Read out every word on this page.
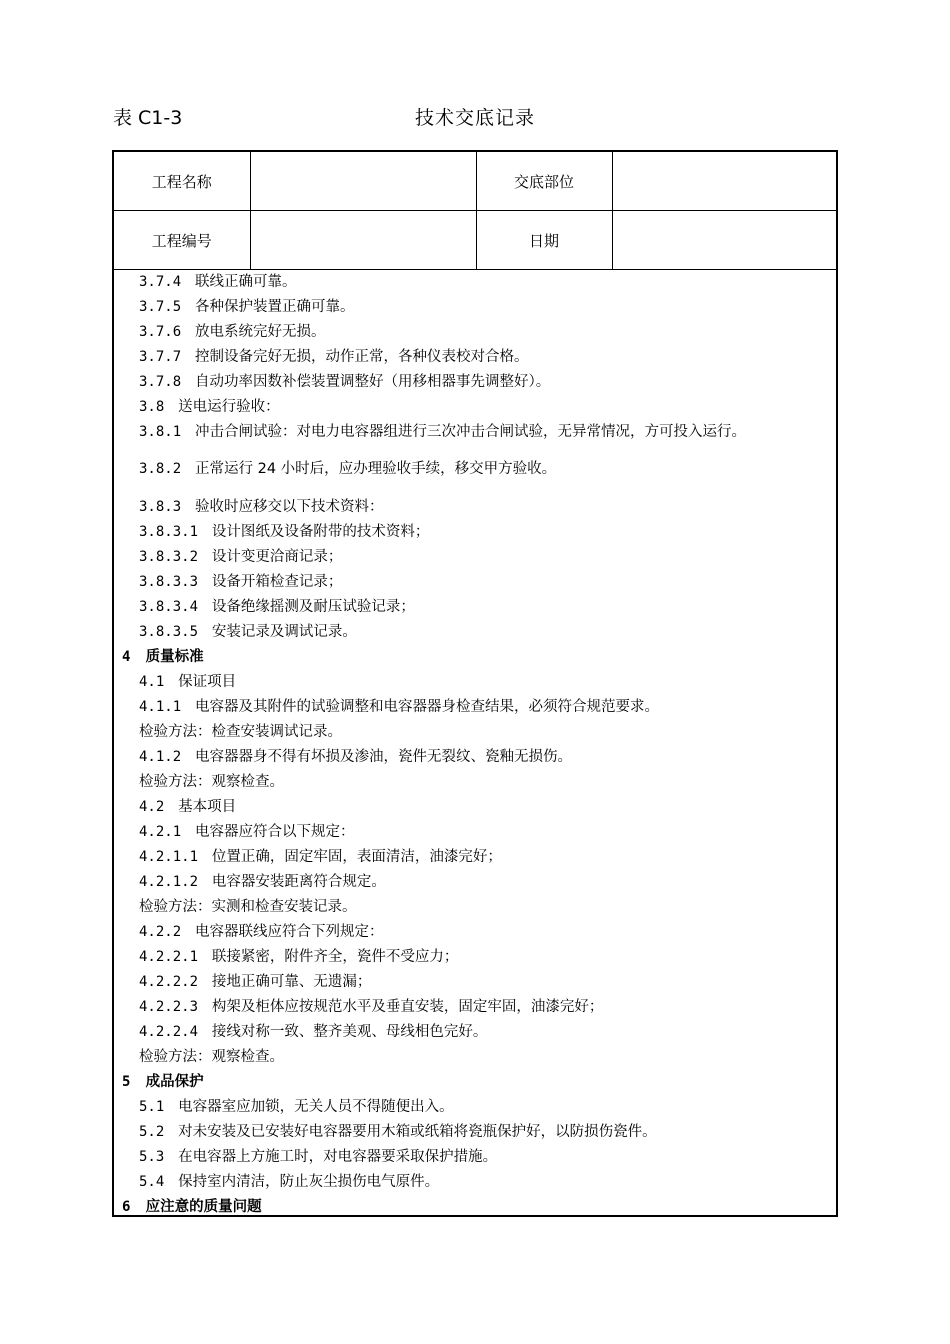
表 C1-3	技术交底记录
工程名称		交底部位	
工程编号		日期	
3.7.4 联线正确可靠。
3.7.5 各种保护装置正确可靠。
3.7.6 放电系统完好无损。
3.7.7 控制设备完好无损，动作正常，各种仪表校对合格。
3.7.8 自动功率因数补偿装置调整好（用移相器事先调整好）。
3.8 送电运行验收：
3.8.1 冲击合闸试验：对电力电容器组进行三次冲击合闸试验，无异常情况，方可投入运行。
3.8.2 正常运行 24 小时后，应办理验收手续，移交甲方验收。
3.8.3 验收时应移交以下技术资料：
3.8.3.1 设计图纸及设备附带的技术资料；
3.8.3.2 设计变更洽商记录；
3.8.3.3 设备开箱检查记录；
3.8.3.4 设备绝缘摇测及耐压试验记录；
3.8.3.5 安装记录及调试记录。
4 质量标准
4.1 保证项目
4.1.1 电容器及其附件的试验调整和电容器器身检查结果，必须符合规范要求。
检验方法：检查安装调试记录。
4.1.2 电容器器身不得有坏损及渗油，瓷件无裂纹、瓷釉无损伤。
检验方法：观察检查。
4.2 基本项目
4.2.1 电容器应符合以下规定：
4.2.1.1 位置正确，固定牢固，表面清洁，油漆完好；
4.2.1.2 电容器安装距离符合规定。
检验方法：实测和检查安装记录。
4.2.2 电容器联线应符合下列规定：
4.2.2.1 联接紧密，附件齐全，瓷件不受应力；
4.2.2.2 接地正确可靠、无遗漏；
4.2.2.3 构架及柜体应按规范水平及垂直安装，固定牢固，油漆完好；
4.2.2.4 接线对称一致、整齐美观、母线相色完好。
检验方法：观察检查。
5 成品保护
5.1 电容器室应加锁，无关人员不得随便出入。
5.2 对未安装及已安装好电容器要用木箱或纸箱将瓷瓶保护好，以防损伤瓷件。
5.3 在电容器上方施工时，对电容器要采取保护措施。
5.4 保持室内清洁，防止灰尘损伤电气原件。
6 应注意的质量问题
